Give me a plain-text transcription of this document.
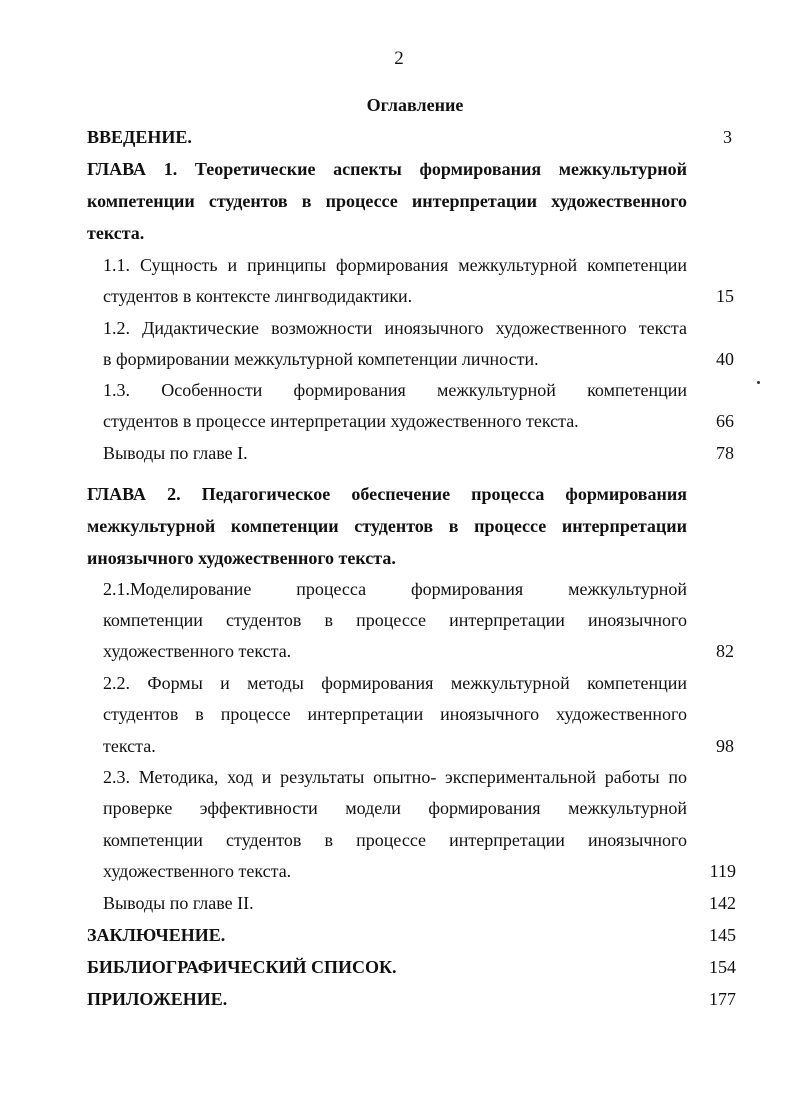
2
Оглавление
ВВЕДЕНИЕ.	3
ГЛАВА 1. Теоретические аспекты формирования межкультурной
компетенции студентов в процессе интерпретации художественного
текста.
1.1. Сущность и принципы формирования межкультурной компетенции
студентов в контексте лингводидактики.	15
1.2. Дидактические возможности иноязычного художественного текста
в формировании межкультурной компетенции личности.	40
1.3. Особенности формирования межкультурной компетенции
студентов в процессе интерпретации художественного текста.	66
Выводы по главе I.	78
ГЛАВА 2. Педагогическое обеспечение процесса формирования
межкультурной компетенции студентов в процессе интерпретации
иноязычного художественного текста.
2.1.Моделирование процесса формирования межкультурной
компетенции студентов в процессе интерпретации иноязычного
художественного текста.	82
2.2. Формы и методы формирования межкультурной компетенции
студентов в процессе интерпретации иноязычного художественного
текста.	98
2.3. Методика, ход и результаты опытно- экспериментальной работы по
проверке эффективности модели формирования межкультурной
компетенции студентов в процессе интерпретации иноязычного
художественного текста.	119
Выводы по главе II.	142
ЗАКЛЮЧЕНИЕ.	145
БИБЛИОГРАФИЧЕСКИЙ СПИСОК.	154
ПРИЛОЖЕНИЕ.	177
